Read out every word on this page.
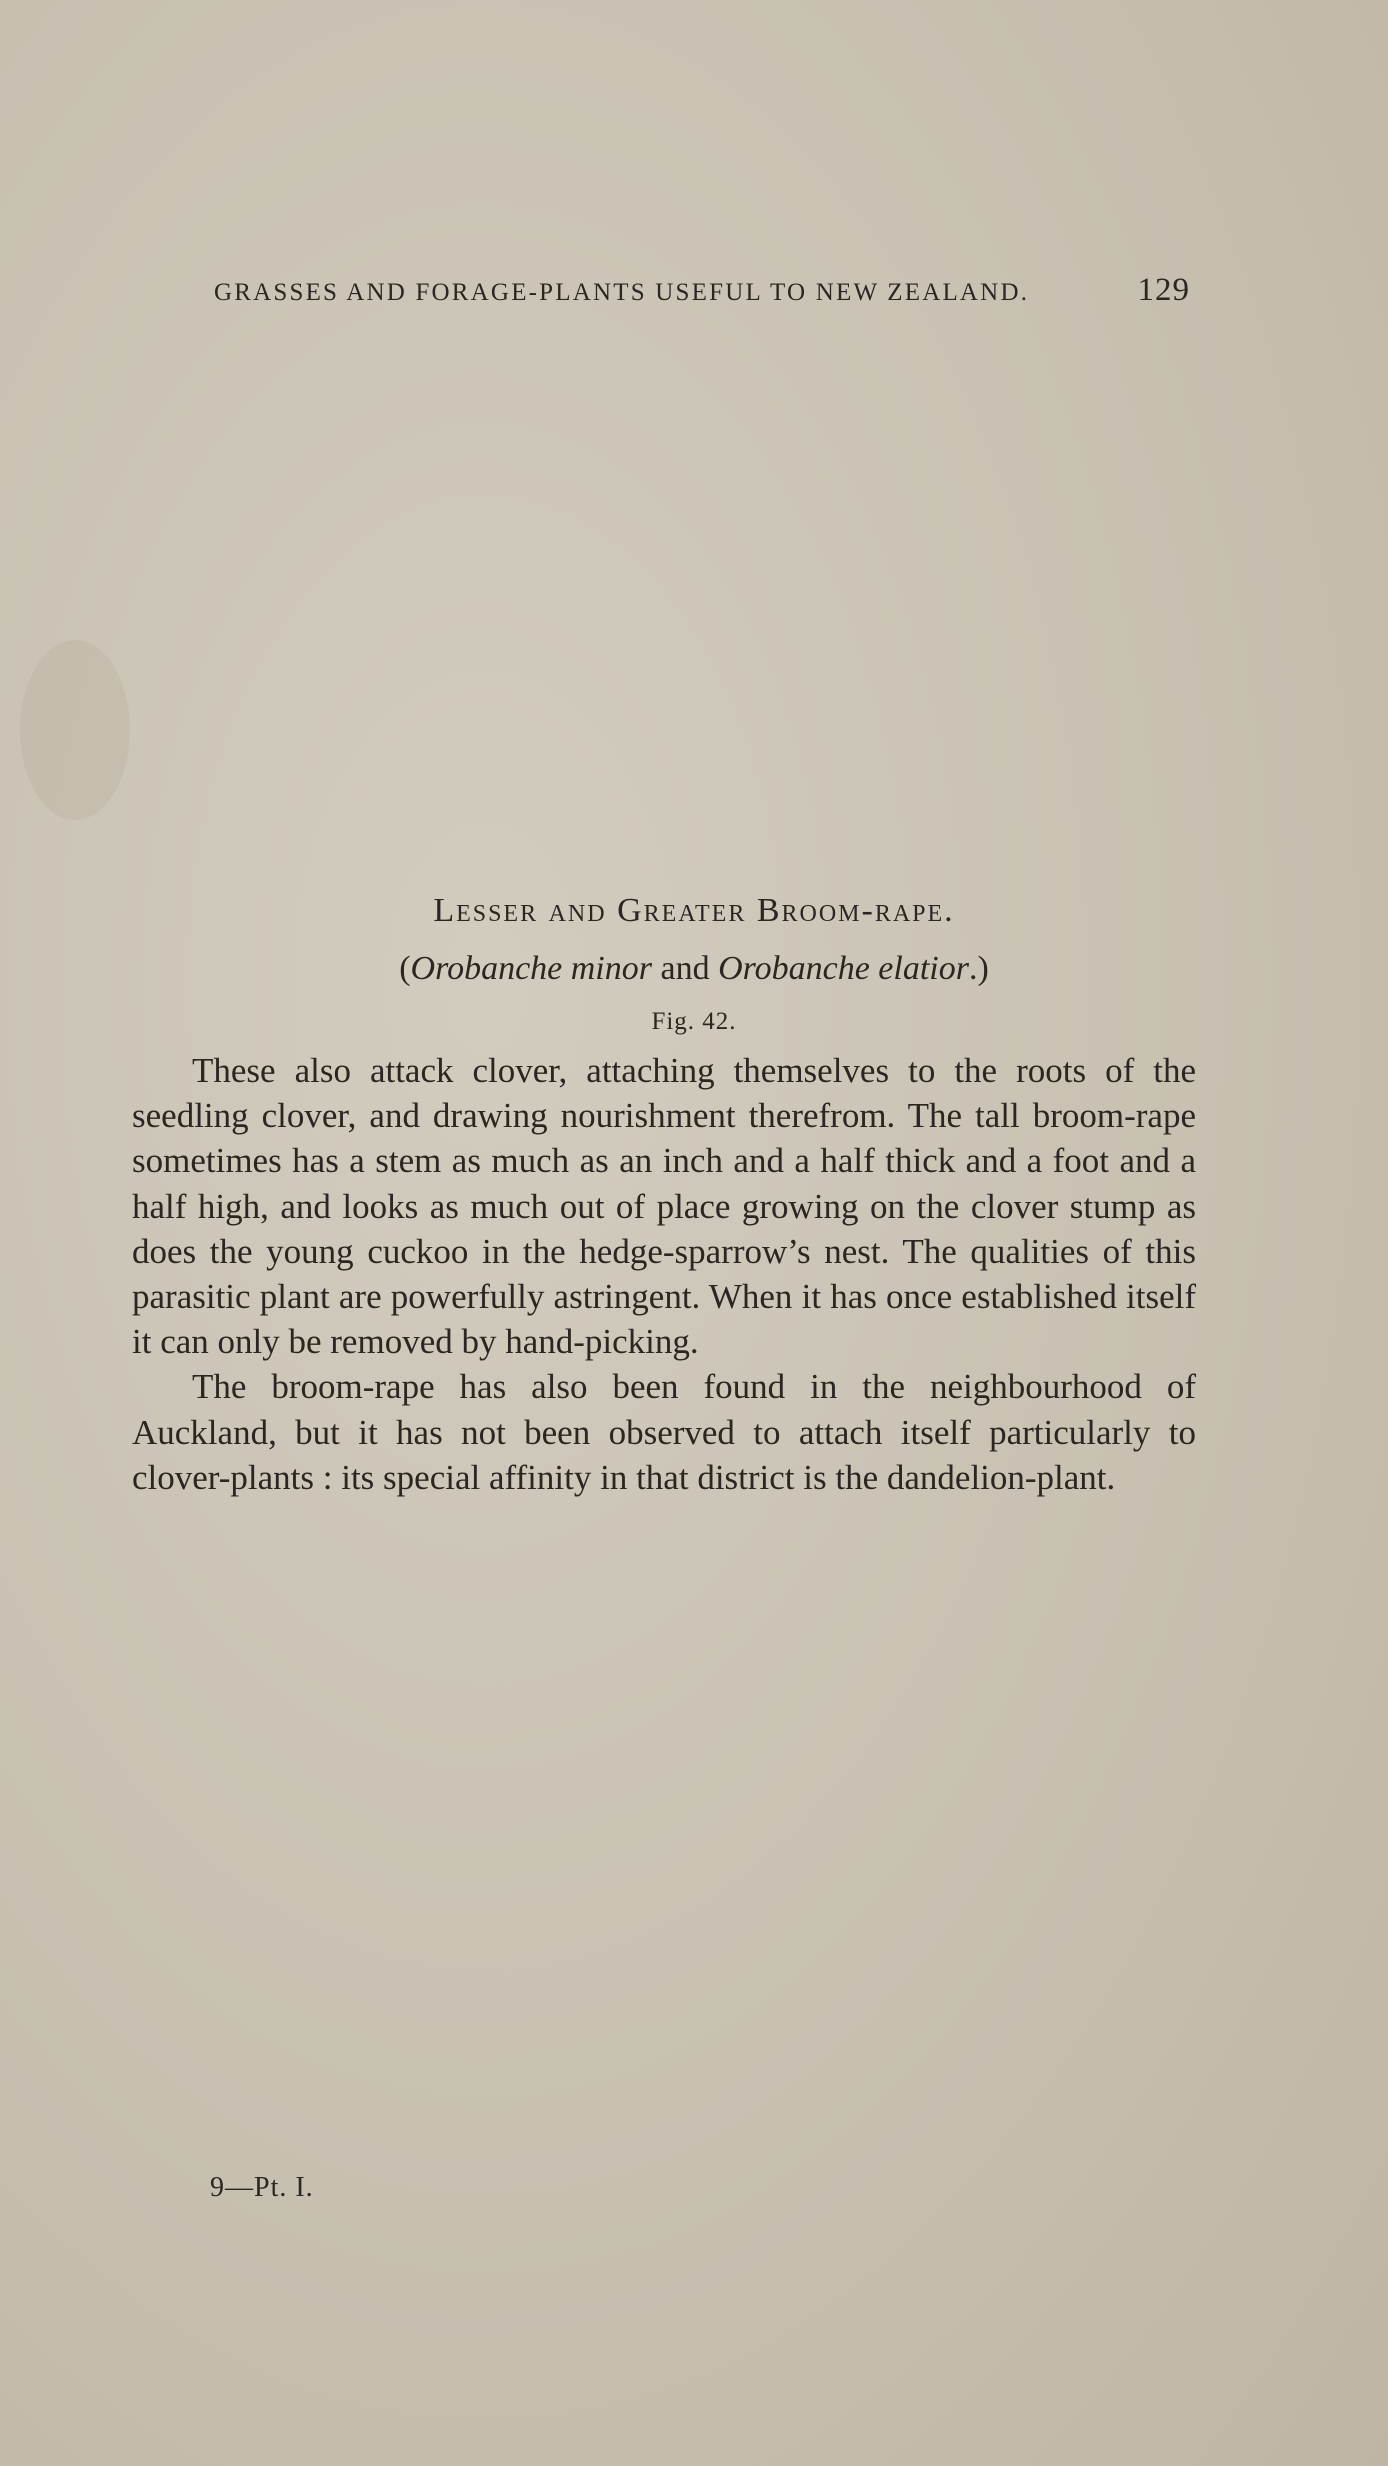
GRASSES AND FORAGE-PLANTS USEFUL TO NEW ZEALAND.	129
Lesser and Greater Broom-rape.
(Orobanche minor and Orobanche elatior.)
Fig. 42.

These also attack clover, attaching themselves to the roots of the seedling clover, and drawing nourishment therefrom. The tall broom-rape sometimes has a stem as much as an inch and a half thick and a foot and a half high, and looks as much out of place growing on the clover stump as does the young cuckoo in the hedge-sparrow’s nest. The qualities of this parasitic plant are powerfully astringent. When it has once established itself it can only be removed by hand-picking.

The broom-rape has also been found in the neighbourhood of Auckland, but it has not been observed to attach itself particularly to clover-plants : its special affinity in that district is the dandelion-plant.

9—Pt. I.
